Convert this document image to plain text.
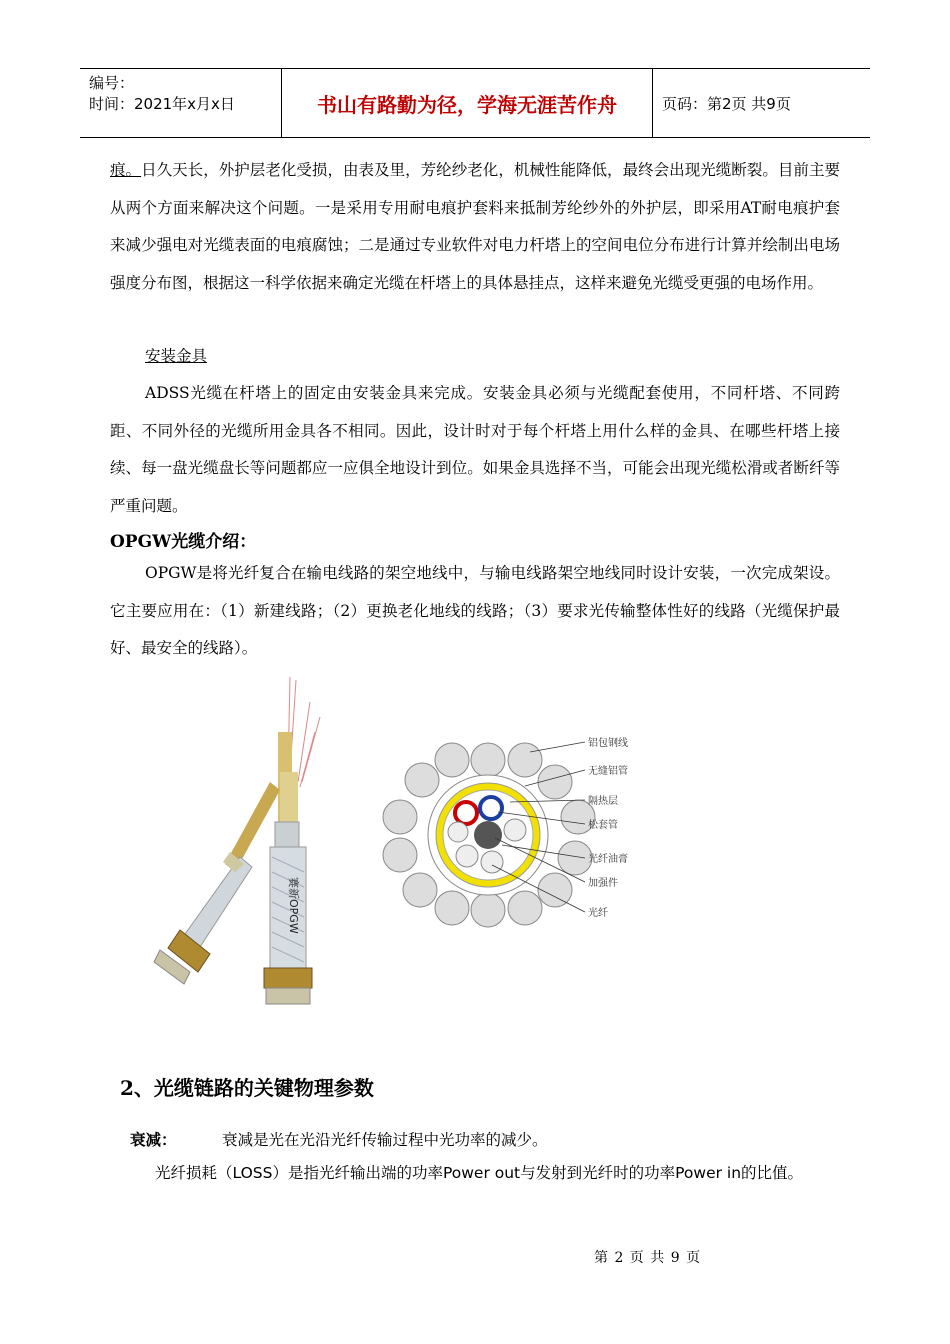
编号：
时间：2021年x月x日	书山有路勤为径，学海无涯苦作舟	页码：第2页 共9页
痕。日久天长，外护层老化受损，由表及里，芳纶纱老化，机械性能降低，最终会出现光缆断裂。目前主要从两个方面来解决这个问题。一是采用专用耐电痕护套料来抵制芳纶纱外的外护层，即采用AT耐电痕护套来减少强电对光缆表面的电痕腐蚀；二是通过专业软件对电力杆塔上的空间电位分布进行计算并绘制出电场强度分布图，根据这一科学依据来确定光缆在杆塔上的具体悬挂点，这样来避免光缆受更强的电场作用。
安装金具
ADSS光缆在杆塔上的固定由安装金具来完成。安装金具必须与光缆配套使用，不同杆塔、不同跨距、不同外径的光缆所用金具各不相同。因此，设计时对于每个杆塔上用什么样的金具、在哪些杆塔上接续、每一盘光缆盘长等问题都应一应俱全地设计到位。如果金具选择不当，可能会出现光缆松滑或者断纤等严重问题。
OPGW光缆介绍：
OPGW是将光纤复合在输电线路的架空地线中，与输电线路架空地线同时设计安装，一次完成架设。它主要应用在：（1）新建线路；（2）更换老化地线的线路；（3）要求光传输整体性好的线路（光缆保护最好、最安全的线路）。
赛新OPGW
铝包钢线
无缝铝管
隔热层
松套管
光纤油膏
加强件
光纤
2、光缆链路的关键物理参数
衰减：	衰减是光在光沿光纤传输过程中光功率的减少。
光纤损耗（LOSS）是指光纤输出端的功率Power out与发射到光纤时的功率Power in的比值。
第 2 页 共 9 页
